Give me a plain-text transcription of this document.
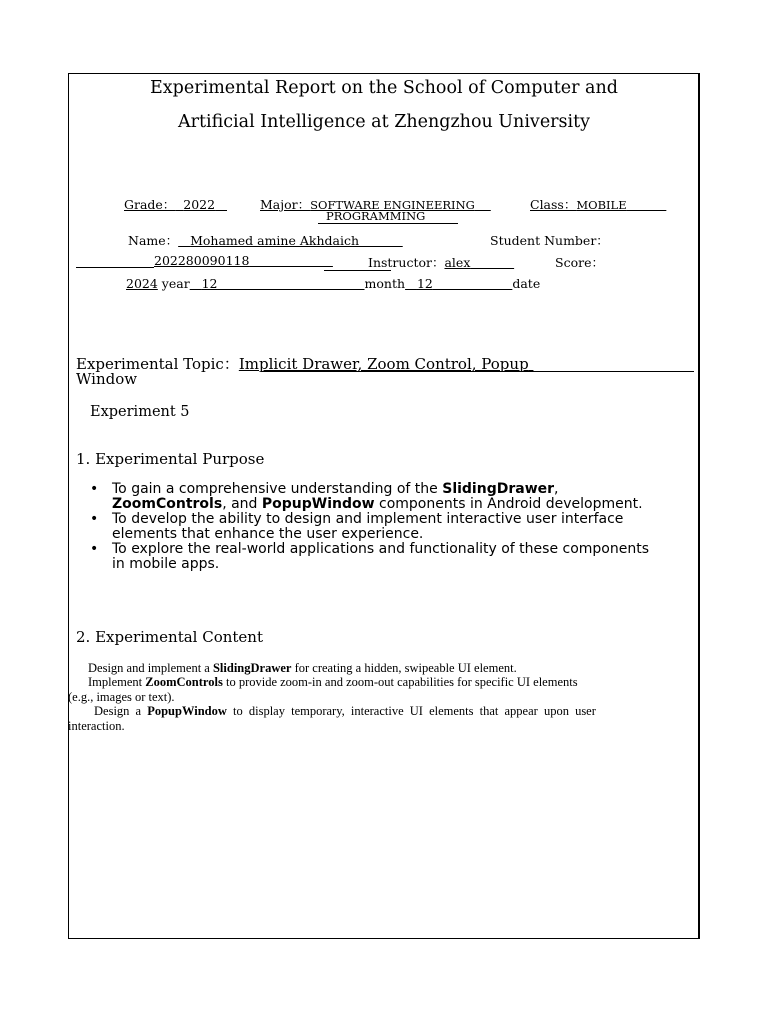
Experimental Report on the School of Computer and
Artificial Intelligence at Zhengzhou University
Grade： 2022	Major：SOFTWARE ENGINEERING	Class：MOBILE
PROGRAMMING
Name： Mohamed amine Akhdaich	Student Number：
202280090118	Instructor：alex	Score：
2024 year 12	month 12	date
Experimental Topic：Implicit Drawer, Zoom Control, Popup
Window
Experiment 5
1. Experimental Purpose
• To gain a comprehensive understanding of the SlidingDrawer,
ZoomControls, and PopupWindow components in Android development.
• To develop the ability to design and implement interactive user interface elements that enhance the user experience.
• To explore the real-world applications and functionality of these components in mobile apps.
2. Experimental Content
Design and implement a SlidingDrawer for creating a hidden, swipeable UI element.
Implement ZoomControls to provide zoom-in and zoom-out capabilities for specific UI elements
(e.g., images or text).
Design a PopupWindow to display temporary, interactive UI elements that appear upon user
interaction.
